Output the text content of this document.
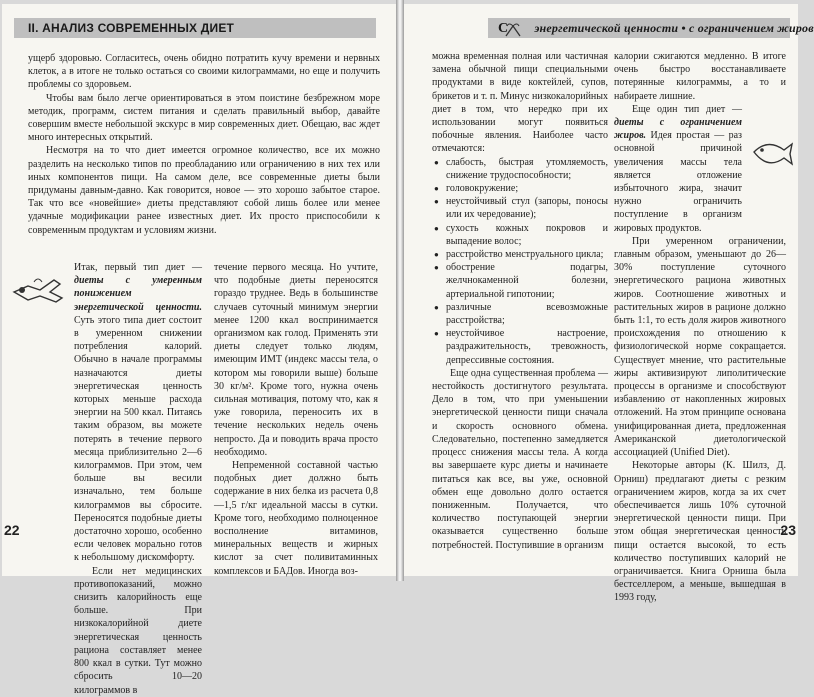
II. АНАЛИЗ СОВРЕМЕННЫХ ДИЕТ

ущерб здоровью. Согласитесь, очень обидно потратить кучу времени и нервных клеток, а в итоге не только остаться со своими килограммами, но еще и получить проблемы со здоровьем.

Чтобы вам было легче ориентироваться в этом поистине безбрежном море методик, программ, систем питания и сделать правильный выбор, давайте совершим вместе небольшой экскурс в мир современных диет. Обещаю, вас ждет много интересных открытий.

Несмотря на то что диет имеется огромное количество, все их можно разделить на несколько типов по преобладанию или ограничению в них тех или иных компонентов пищи. На самом деле, все современные диеты были придуманы давным-давно. Как говорится, новое — это хорошо забытое старое. Так что все «новейшие» диеты представляют собой лишь более или менее удачные модификации ранее известных диет. Их просто приспособили к современным продуктам и условиям жизни.

Итак, первый тип диет — диеты с умеренным понижением энергетической ценности. Суть этого типа диет состоит в умеренном снижении потребления калорий. Обычно в начале программы назначаются диеты энергетическая ценность которых меньше расхода энергии на 500 ккал. Питаясь таким образом, вы можете потерять в течение первого месяца приблизительно 2—6 килограммов. При этом, чем больше вы весили изначально, тем больше килограммов вы сбросите. Переносятся подобные диеты достаточно хорошо, особенно если человек морально готов к небольшому дискомфорту.

Если нет медицинских противопоказаний, можно снизить калорийность еще больше. При низкокалорийной диете энергетическая ценность рациона составляет менее 800 ккал в сутки. Тут можно сбросить 10—20 килограммов в

течение первого месяца. Но учтите, что подобные диеты переносятся гораздо труднее. Ведь в большинстве случаев суточный минимум энергии менее 1200 ккал воспринимается организмом как голод. Применять эти диеты следует только людям, имеющим ИМТ (индекс массы тела, о котором мы говорили выше) больше 30 кг/м². Кроме того, нужна очень сильная мотивация, потому что, как я уже говорила, переносить их в течение нескольких недель очень непросто. Да и поводить врача просто необходимо.

Непременной составной частью подобных диет должно быть содержание в них белка из расчета 0,8—1,5 г/кг идеальной массы в сутки. Кроме того, необходимо полноценное восполнение витаминов, минеральных веществ и жирных кислот за счет поливитаминных комплексов и БАДов. Иногда воз-

22
С энергетической ценности • с ограничением жиров

можна временная полная или частичная замена обычной пищи специальными продуктами в виде коктейлей, супов, брикетов и т. п. Минус низкокалорийных диет в том, что нередко при их использовании могут появиться побочные явления. Наиболее часто отмечаются:

● слабость, быстрая утомляемость, снижение трудоспособности;
● головокружение;
● неустойчивый стул (запоры, поносы или их чередование);
● сухость кожных покровов и выпадение волос;
● расстройство менструального цикла;
● обострение подагры, желчнокаменной болезни, артериальной гипотонии;
● различные всевозможные расстройства;
● неустойчивое настроение, раздражительность, тревожность, депрессивные состояния.

Еще одна существенная проблема — нестойкость достигнутого результата. Дело в том, что при уменьшении энергетической ценности пищи сначала и скорость основного обмена. Следовательно, постепенно замедляется процесс снижения массы тела. А когда вы завершаете курс диеты и начинаете питаться как все, вы уже, основной обмен еще довольно долго остается пониженным. Получается, что количество поступающей энергии оказывается существенно больше потребностей. Поступившие в организм

калории сжигаются медленно. В итоге очень быстро восстанавливаете потерянные килограммы, а то и набираете лишние.

Еще один тип диет — диеты с ограничением жиров. Идея простая — раз основной причиной увеличения массы тела является отложение избыточного жира, значит нужно ограничить поступление в организм жировых продуктов.

При умеренном ограничении, главным образом, уменьшают до 26—30% поступление суточного энергетического рациона животных жиров. Соотношение животных и растительных жиров в рационе должно быть 1:1, то есть доля жиров животного происхождения по отношению к физиологической норме сокращается. Существует мнение, что растительные жиры активизируют липолитические процессы в организме и способствуют избавлению от накопленных жировых отложений. На этом принципе основана унифицированная диета, предложенная Американской диетологической ассоциацией (Unified Diet).

Некоторые авторы (К. Шилз, Д. Орниш) предлагают диеты с резким ограничением жиров, когда за их счет обеспечивается лишь 10% суточной энергетической ценности пищи. При этом общая энергетическая ценность пищи остается высокой, то есть количество поступивших калорий не ограничивается. Книга Орниша была бестселлером, а меньше, вышедшая в 1993 году,

23
